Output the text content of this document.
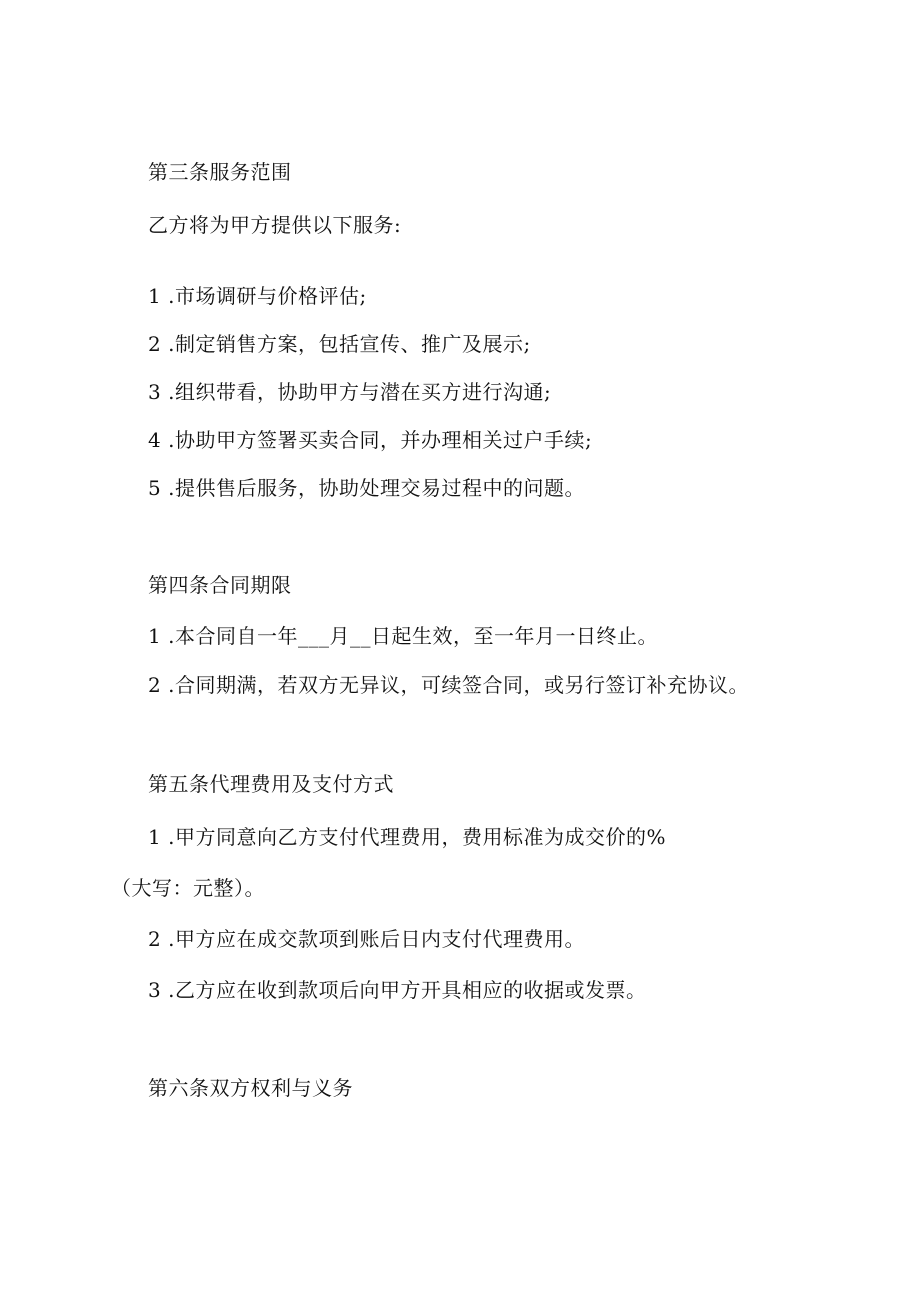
第三条服务范围
乙方将为甲方提供以下服务:
1 .市场调研与价格评估;
2 .制定销售方案，包括宣传、推广及展示;
3 .组织带看，协助甲方与潜在买方进行沟通;
4 .协助甲方签署买卖合同，并办理相关过户手续;
5 .提供售后服务，协助处理交易过程中的问题。
第四条合同期限
1 .本合同自一年___月__日起生效，至一年月一日终止。
2 .合同期满，若双方无异议，可续签合同，或另行签订补充协议。
第五条代理费用及支付方式
1 .甲方同意向乙方支付代理费用，费用标准为成交价的%
（大写：元整）。
2 .甲方应在成交款项到账后日内支付代理费用。
3 .乙方应在收到款项后向甲方开具相应的收据或发票。
第六条双方权利与义务
